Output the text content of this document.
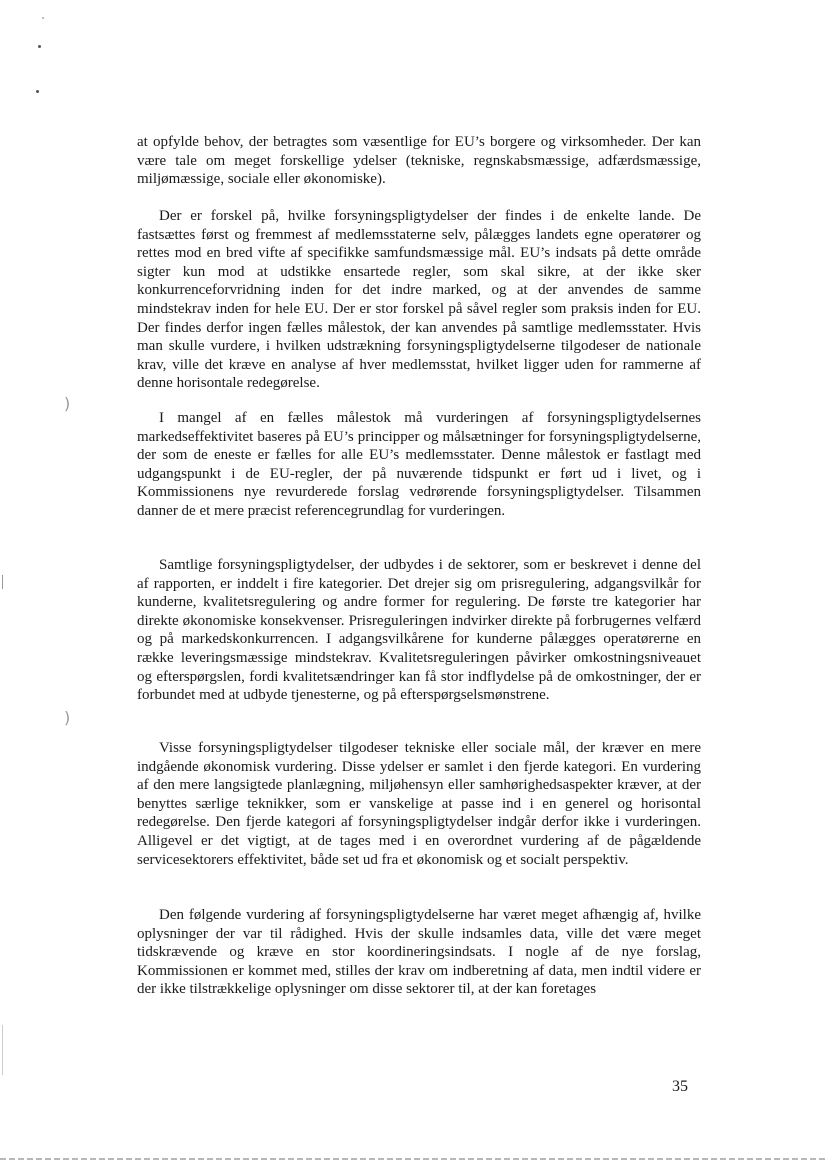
)
)

at opfylde behov, der betragtes som væsentlige for EU’s borgere og virksomheder. Der kan være tale om meget forskellige ydelser (tekniske, regnskabsmæssige, adfærdsmæssige, miljømæssige, sociale eller økonomiske).

Der er forskel på, hvilke forsyningspligtydelser der findes i de enkelte lande. De fastsættes først og fremmest af medlemsstaterne selv, pålægges landets egne operatører og rettes mod en bred vifte af specifikke samfundsmæssige mål. EU’s indsats på dette område sigter kun mod at udstikke ensartede regler, som skal sikre, at der ikke sker konkurrenceforvridning inden for det indre marked, og at der anvendes de samme mindstekrav inden for hele EU. Der er stor forskel på såvel regler som praksis inden for EU. Der findes derfor ingen fælles målestok, der kan anvendes på samtlige medlemsstater. Hvis man skulle vurdere, i hvilken udstrækning forsyningspligtydelserne tilgodeser de nationale krav, ville det kræve en analyse af hver medlemsstat, hvilket ligger uden for rammerne af denne horisontale redegørelse.

I mangel af en fælles målestok må vurderingen af forsyningspligtydelsernes markedseffektivitet baseres på EU’s principper og målsætninger for forsyningspligtydelserne, der som de eneste er fælles for alle EU’s medlemsstater. Denne målestok er fastlagt med udgangspunkt i de EU-regler, der på nuværende tidspunkt er ført ud i livet, og i Kommissionens nye revurderede forslag vedrørende forsyningspligtydelser. Tilsammen danner de et mere præcist referencegrundlag for vurderingen.

Samtlige forsyningspligtydelser, der udbydes i de sektorer, som er beskrevet i denne del af rapporten, er inddelt i fire kategorier. Det drejer sig om prisregulering, adgangsvilkår for kunderne, kvalitetsregulering og andre former for regulering. De første tre kategorier har direkte økonomiske konsekvenser. Prisreguleringen indvirker direkte på forbrugernes velfærd og på markedskonkurrencen. I adgangsvilkårene for kunderne pålægges operatørerne en række leveringsmæssige mindstekrav. Kvalitetsreguleringen påvirker omkostningsniveauet og efterspørgslen, fordi kvalitetsændringer kan få stor indflydelse på de omkostninger, der er forbundet med at udbyde tjenesterne, og på efterspørgselsmønstrene.

Visse forsyningspligtydelser tilgodeser tekniske eller sociale mål, der kræver en mere indgående økonomisk vurdering. Disse ydelser er samlet i den fjerde kategori. En vurdering af den mere langsigtede planlægning, miljøhensyn eller samhørighedsaspekter kræver, at der benyttes særlige teknikker, som er vanskelige at passe ind i en generel og horisontal redegørelse. Den fjerde kategori af forsyningspligtydelser indgår derfor ikke i vurderingen. Alligevel er det vigtigt, at de tages med i en overordnet vurdering af de pågældende servicesektorers effektivitet, både set ud fra et økonomisk og et socialt perspektiv.

Den følgende vurdering af forsyningspligtydelserne har været meget afhængig af, hvilke oplysninger der var til rådighed. Hvis der skulle indsamles data, ville det være meget tidskrævende og kræve en stor koordineringsindsats. I nogle af de nye forslag, Kommissionen er kommet med, stilles der krav om indberetning af data, men indtil videre er der ikke tilstrækkelige oplysninger om disse sektorer til, at der kan foretages

35
